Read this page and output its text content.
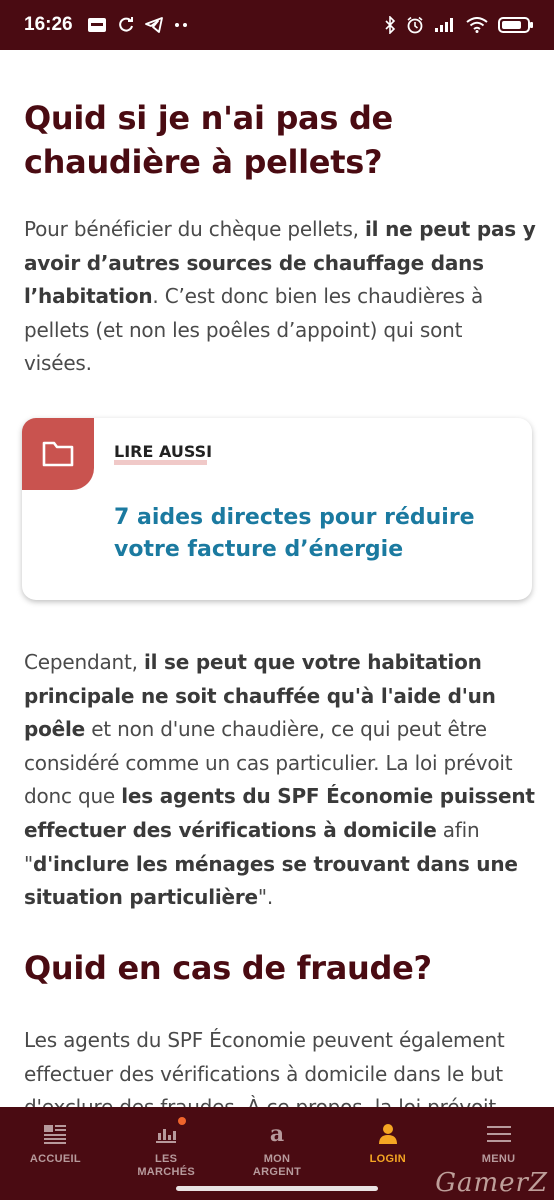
Quid si je n'ai pas de chaudière à pellets?

Pour bénéficier du chèque pellets, il ne peut pas y avoir d’autres sources de chauffage dans l’habitation. C’est donc bien les chaudières à pellets (et non les poêles d’appoint) qui sont visées.

LIRE AUSSI
7 aides directes pour réduire votre facture d’énergie

Cependant, il se peut que votre habitation principale ne soit chauffée qu'à l'aide d'un poêle et non d'une chaudière, ce qui peut être considéré comme un cas particulier. La loi prévoit donc que les agents du SPF Économie puissent effectuer des vérifications à domicile afin "d'inclure les ménages se trouvant dans une situation particulière".

Quid en cas de fraude?

Les agents du SPF Économie peuvent également effectuer des vérifications à domicile dans le but

16:26
ACCUEIL	LES
MARCHÉS
a
MON
ARGENT
LOGIN	MENU
GamerZ
